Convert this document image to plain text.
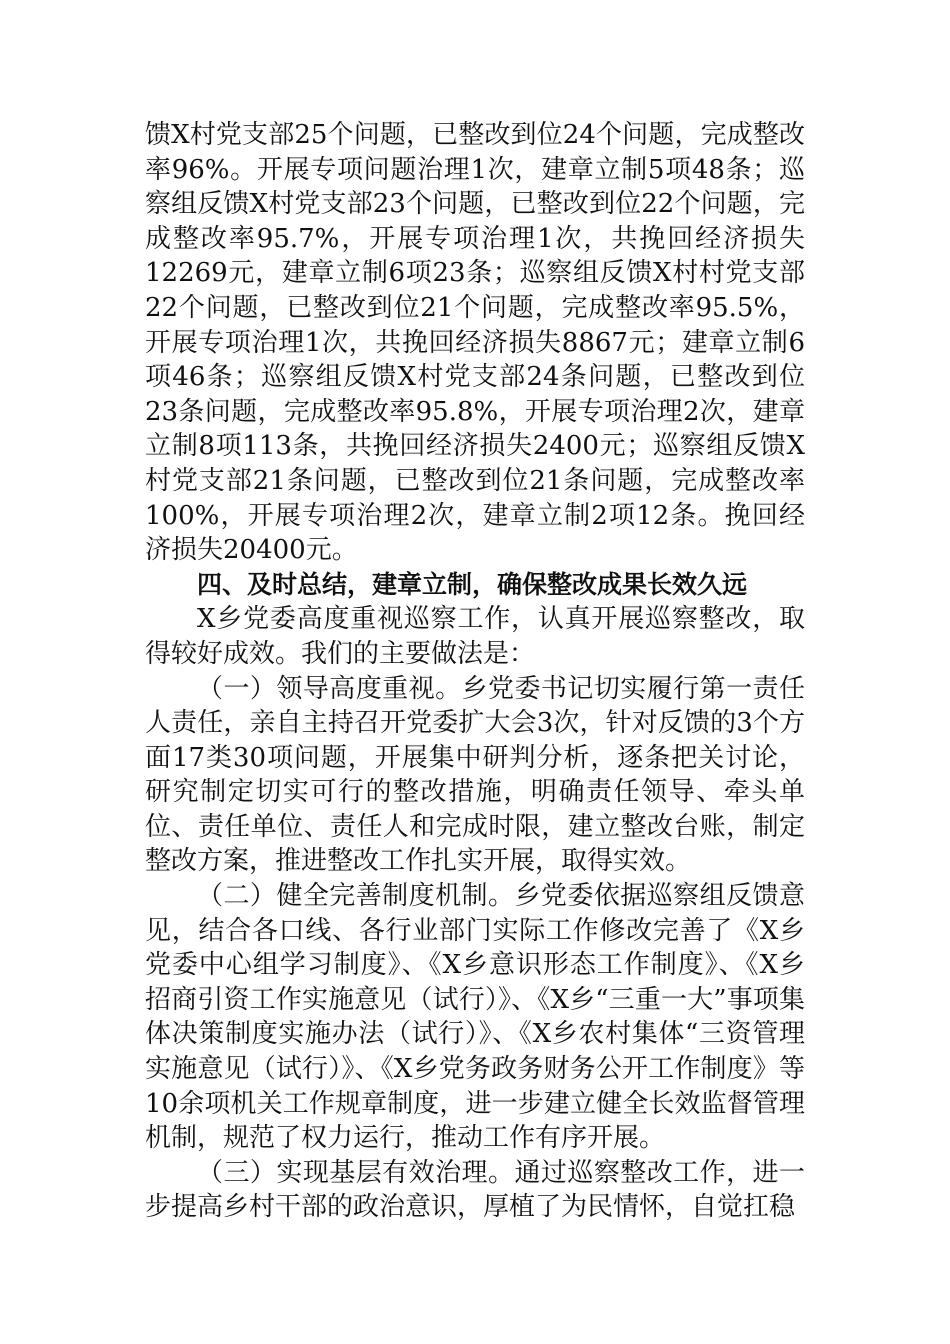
馈X村党支部25个问题，已整改到位24个问题，完成整改率96%。开展专项问题治理1次，建章立制5项48条；巡察组反馈X村党支部23个问题，已整改到位22个问题，完成整改率95.7%，开展专项治理1次，共挽回经济损失12269元，建章立制6项23条；巡察组反馈X村村党支部22个问题，已整改到位21个问题，完成整改率95.5%，开展专项治理1次，共挽回经济损失8867元；建章立制6项46条；巡察组反馈X村党支部24条问题，已整改到位23条问题，完成整改率95.8%，开展专项治理2次，建章立制8项113条，共挽回经济损失2400元；巡察组反馈X村党支部21条问题，已整改到位21条问题，完成整改率100%，开展专项治理2次，建章立制2项12条。挽回经济损失20400元。

四、及时总结，建章立制，确保整改成果长效久远

X乡党委高度重视巡察工作，认真开展巡察整改，取得较好成效。我们的主要做法是：

（一）领导高度重视。乡党委书记切实履行第一责任人责任，亲自主持召开党委扩大会3次，针对反馈的3个方面17类30项问题，开展集中研判分析，逐条把关讨论，研究制定切实可行的整改措施，明确责任领导、牵头单位、责任单位、责任人和完成时限，建立整改台账，制定整改方案，推进整改工作扎实开展，取得实效。

（二）健全完善制度机制。乡党委依据巡察组反馈意见，结合各口线、各行业部门实际工作修改完善了《X乡党委中心组学习制度》、《X乡意识形态工作制度》、《X乡招商引资工作实施意见（试行）》、《X乡“三重一大”事项集体决策制度实施办法（试行）》、《X乡农村集体“三资管理实施意见（试行）》、《X乡党务政务财务公开工作制度》等10余项机关工作规章制度，进一步建立健全长效监督管理机制，规范了权力运行，推动工作有序开展。

（三）实现基层有效治理。通过巡察整改工作，进一步提高乡村干部的政治意识，厚植了为民情怀，自觉扛稳
